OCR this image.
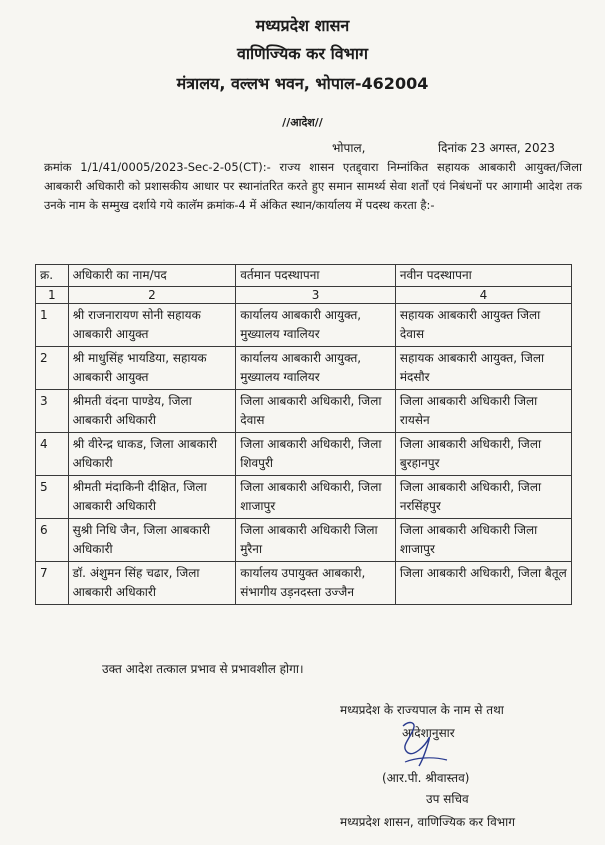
मध्यप्रदेश शासन
वाणिज्यिक कर विभाग
मंत्रालय, वल्लभ भवन, भोपाल-462004
//आदेश//
भोपाल,	दिनांक 23 अगस्त, 2023
क्रमांक 1/1/41/0005/2023-Sec-2-05(CT):- राज्य शासन एतद्द्वारा निम्नांकित सहायक आबकारी आयुक्त/जिला आबकारी अधिकारी को प्रशासकीय आधार पर स्थानांतरित करते हुए समान सामर्थ्य सेवा शर्तों एवं निबंधनों पर आगामी आदेश तक उनके नाम के सम्मुख दर्शाये गये कालॅम क्रमांक-4 में अंकित स्थान/कार्यालय में पदस्थ करता है:-
क्र.	अधिकारी का नाम/पद	वर्तमान पदस्थापना	नवीन पदस्थापना
1	2	3	4
1	श्री राजनारायण सोनी सहायक आबकारी आयुक्त	कार्यालय आबकारी आयुक्त, मुख्यालय ग्वालियर	सहायक आबकारी आयुक्त जिला देवास
2	श्री माधुसिंह भायडिया, सहायक आबकारी आयुक्त	कार्यालय आबकारी आयुक्त, मुख्यालय ग्वालियर	सहायक आबकारी आयुक्त, जिला मंदसौर
3	श्रीमती वंदना पाण्डेय, जिला आबकारी अधिकारी	जिला आबकारी अधिकारी, जिला देवास	जिला आबकारी अधिकारी जिला रायसेन
4	श्री वीरेन्द्र धाकड, जिला आबकारी अधिकारी	जिला आबकारी अधिकारी, जिला शिवपुरी	जिला आबकारी अधिकारी, जिला बुरहानपुर
5	श्रीमती मंदाकिनी दीक्षित, जिला आबकारी अधिकारी	जिला आबकारी अधिकारी, जिला शाजापुर	जिला आबकारी अधिकारी, जिला नरसिंहपुर
6	सुश्री निधि जैन, जिला आबकारी अधिकारी	जिला आबकारी अधिकारी जिला मुरैना	जिला आबकारी अधिकारी जिला शाजापुर
7	डॉ. अंशुमन सिंह चढार, जिला आबकारी अधिकारी	कार्यालय उपायुक्त आबकारी, संभागीय उड़नदस्ता उज्जैन	जिला आबकारी अधिकारी, जिला बैतूल
उक्त आदेश तत्काल प्रभाव से प्रभावशील होगा।
मध्यप्रदेश के राज्यपाल के नाम से तथा
आदेशानुसार
(आर.पी. श्रीवास्तव)
उप सचिव
मध्यप्रदेश शासन, वाणिज्यिक कर विभाग
